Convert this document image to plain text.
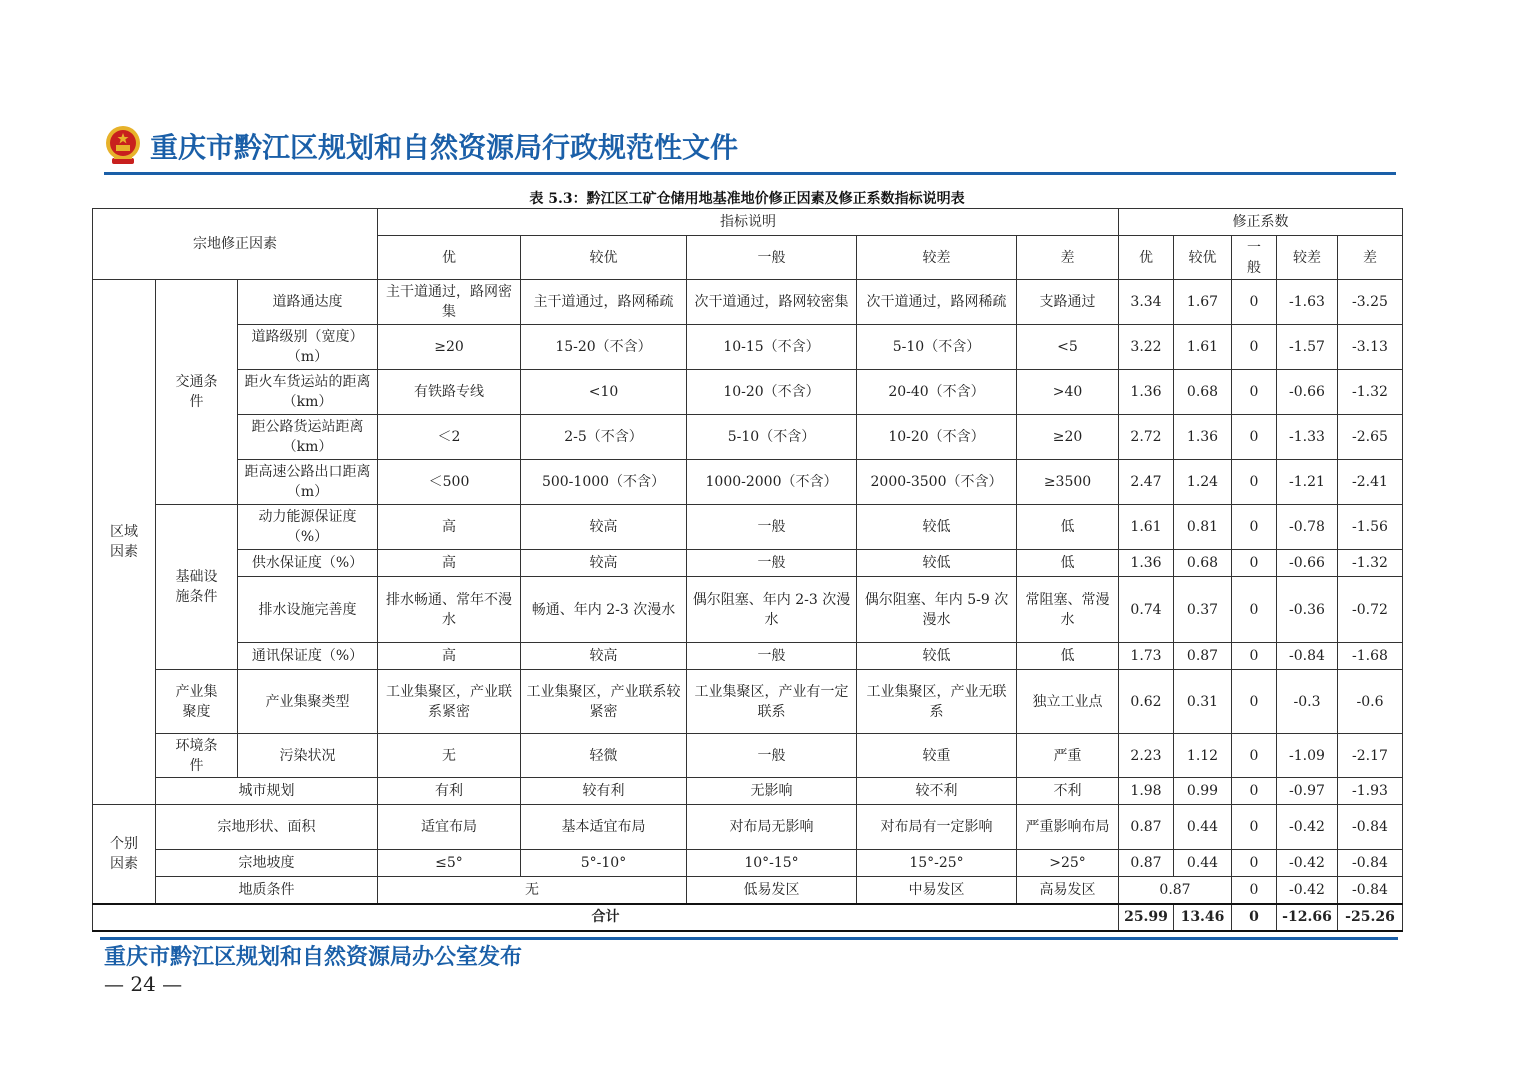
重庆市黔江区规划和自然资源局行政规范性文件
表 5.3：黔江区工矿仓储用地基准地价修正因素及修正系数指标说明表
宗地修正因素			指标说明					修正系数				
			优	较优	一般	较差	差	优	较优	一般	较差	差
区域因素	交通条件	道路通达度	主干道通过，路网密集	主干道通过，路网稀疏	次干道通过，路网较密集	次干道通过，路网稀疏	支路通过	3.34	1.67	0	-1.63	-3.25
		道路级别（宽度）（m）	≥20	15-20（不含）	10-15（不含）	5-10（不含）	<5	3.22	1.61	0	-1.57	-3.13
		距火车货运站的距离（km）	有铁路专线	<10	10-20（不含）	20-40（不含）	>40	1.36	0.68	0	-0.66	-1.32
		距公路货运站距离（km）	＜2	2-5（不含）	5-10（不含）	10-20（不含）	≥20	2.72	1.36	0	-1.33	-2.65
		距高速公路出口距离（m）	＜500	500-1000（不含）	1000-2000（不含）	2000-3500（不含）	≥3500	2.47	1.24	0	-1.21	-2.41
	基础设施条件	动力能源保证度（%）	高	较高	一般	较低	低	1.61	0.81	0	-0.78	-1.56
		供水保证度（%）	高	较高	一般	较低	低	1.36	0.68	0	-0.66	-1.32
		排水设施完善度	排水畅通、常年不漫水	畅通、年内 2-3 次漫水	偶尔阻塞、年内 2-3 次漫水	偶尔阻塞、年内 5-9 次漫水	常阻塞、常漫水	0.74	0.37	0	-0.36	-0.72
		通讯保证度（%）	高	较高	一般	较低	低	1.73	0.87	0	-0.84	-1.68
	产业集聚度	产业集聚类型	工业集聚区，产业联系紧密	工业集聚区，产业联系较紧密	工业集聚区，产业有一定联系	工业集聚区，产业无联系	独立工业点	0.62	0.31	0	-0.3	-0.6
	环境条件	污染状况	无	轻微	一般	较重	严重	2.23	1.12	0	-1.09	-2.17
	城市规划		有利	较有利	无影响	较不利	不利	1.98	0.99	0	-0.97	-1.93
个别因素	宗地形状、面积		适宜布局	基本适宜布局	对布局无影响	对布局有一定影响	严重影响布局	0.87	0.44	0	-0.42	-0.84
	宗地坡度		≤5°	5°-10°	10°-15°	15°-25°	>25°	0.87	0.44	0	-0.42	-0.84
	地质条件		无		低易发区	中易发区	高易发区	0.87		0	-0.42	-0.84
合计								25.99	13.46	0	-12.66	-25.26
重庆市黔江区规划和自然资源局办公室发布
— 24 —
